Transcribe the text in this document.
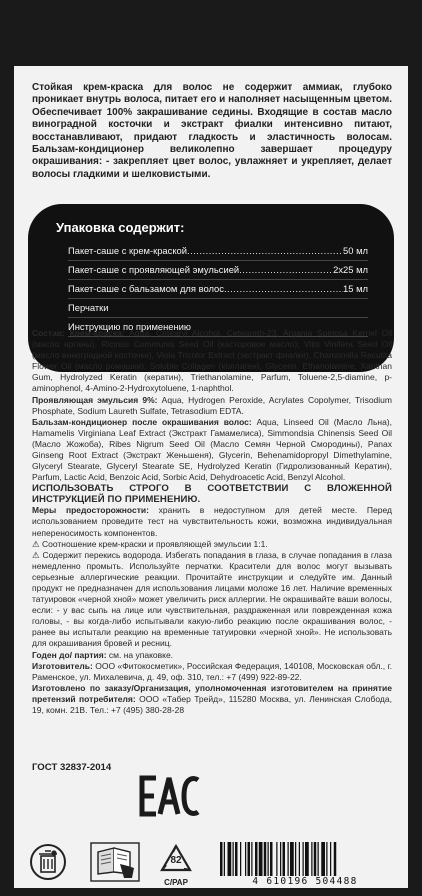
Стойкая крем-краска для волос не содержит аммиак, глубоко проникает внутрь волоса, питает его и наполняет насыщенным цветом. Обеспечивает 100% закрашивание седины. Входящие в состав масло виноградной косточки и экстракт фиалки интенсивно питают, восстанавливают, придают гладкость и эластичность волосам. Бальзам-кондиционер великолепно завершает процедуру окрашивания: - закрепляет цвет волос, увлажняет и укрепляет, делает волосы гладкими и шелковистыми.
Упаковка содержит:
Пакет-саше с крем-краской .....	50 мл
Пакет-саше с проявляющей эмульсией .....	2х25 мл
Пакет-саше с бальзамом для волос .....	15 мл
Перчатки
Инструкцию по применению

Состав: Крем-краска: Aqua, Cetearyl Alcohol, Ceteareth-23, Argania Spinosa Kernel Oil (масло арганы), Ricinus Communis Seed Oil (касторовое масло), Vitis Vinifera Seed Oil (масло виноградной косточки), Viola Tricolor Extract (экстракт фиалки), Chamomilla Recutita Flower Oil (масло ромашки), Soluble Collagen (коллаген), Glycerin, Ethanolamine, Xanthan Gum, Hydrolyzed Keratin (кератин), Triethanolamine, Parfum, Toluene-2,5-diamine, p-aminophenol, 4-Amino-2-Hydroxytoluene, 1-naphthol.

Проявляющая эмульсия 9%: Aqua, Hydrogen Peroxide, Acrylates Copolymer, Trisodium Phosphate, Sodium Laureth Sulfate, Tetrasodium EDTA.

Бальзам-кондиционер после окрашивания волос: Aqua, Linseed Oil (Масло Льна), Hamamelis Virginiana Leaf Extract (Экстракт Гамамелиса), Simmondsia Chinensis Seed Oil (Масло Жожоба), Ribes Nigrum Seed Oil (Масло Семян Черной Смородины), Panax Ginseng Root Extract (Экстракт Женьшеня), Glycerin, Behenamidopropyl Dimethylamine, Glyceryl Stearate, Glyceryl Stearate SE, Hydrolyzed Keratin (Гидролизованный Кератин), Parfum, Lactic Acid, Benzoic Acid, Sorbic Acid, Dehydroacetic Acid, Benzyl Alcohol.

ИСПОЛЬЗОВАТЬ СТРОГО В СООТВЕТСТВИИ С ВЛОЖЕННОЙ ИНСТРУКЦИЕЙ ПО ПРИМЕНЕНИЮ.

Меры предосторожности: хранить в недоступном для детей месте. Перед использованием проведите тест на чувствительность кожи, возможна индивидуальная непереносимость компонентов.

⚠ Соотношение крем-краски и проявляющей эмульсии 1:1.

⚠ Содержит перекись водорода. Избегать попадания в глаза, в случае попадания в глаза немедленно промыть. Используйте перчатки. Красители для волос могут вызывать серьезные аллергические реакции. Прочитайте инструкции и следуйте им. Данный продукт не предназначен для использования лицами моложе 16 лет. Наличие временных татуировок «черной хной» может увеличить риск аллергии. Не окрашивайте ваши волосы, если: - у вас сыпь на лице или чувствительная, раздраженная или поврежденная кожа головы, - вы когда-либо испытывали какую-либо реакцию после окрашивания волос, - ранее вы испытали реакцию на временные татуировки «черной хной». Не использовать для окрашивания бровей и ресниц.

Годен до/ партия: см. на упаковке.

Изготовитель: ООО «Фитокосметик», Российская Федерация, 140108, Московская обл., г. Раменское, ул. Михалевича, д. 49, оф. 310, тел.: +7 (499) 922-89-22.

Изготовлено по заказу/Организация, уполномоченная изготовителем на принятие претензий потребителя: ООО «Табер Трейд», 115280 Москва, ул. Ленинская Слобода, 19, комн. 21В. Тел.: +7 (495) 380-28-28

ГОСТ 32837-2014
82
C/PAP	4 610196 504488
